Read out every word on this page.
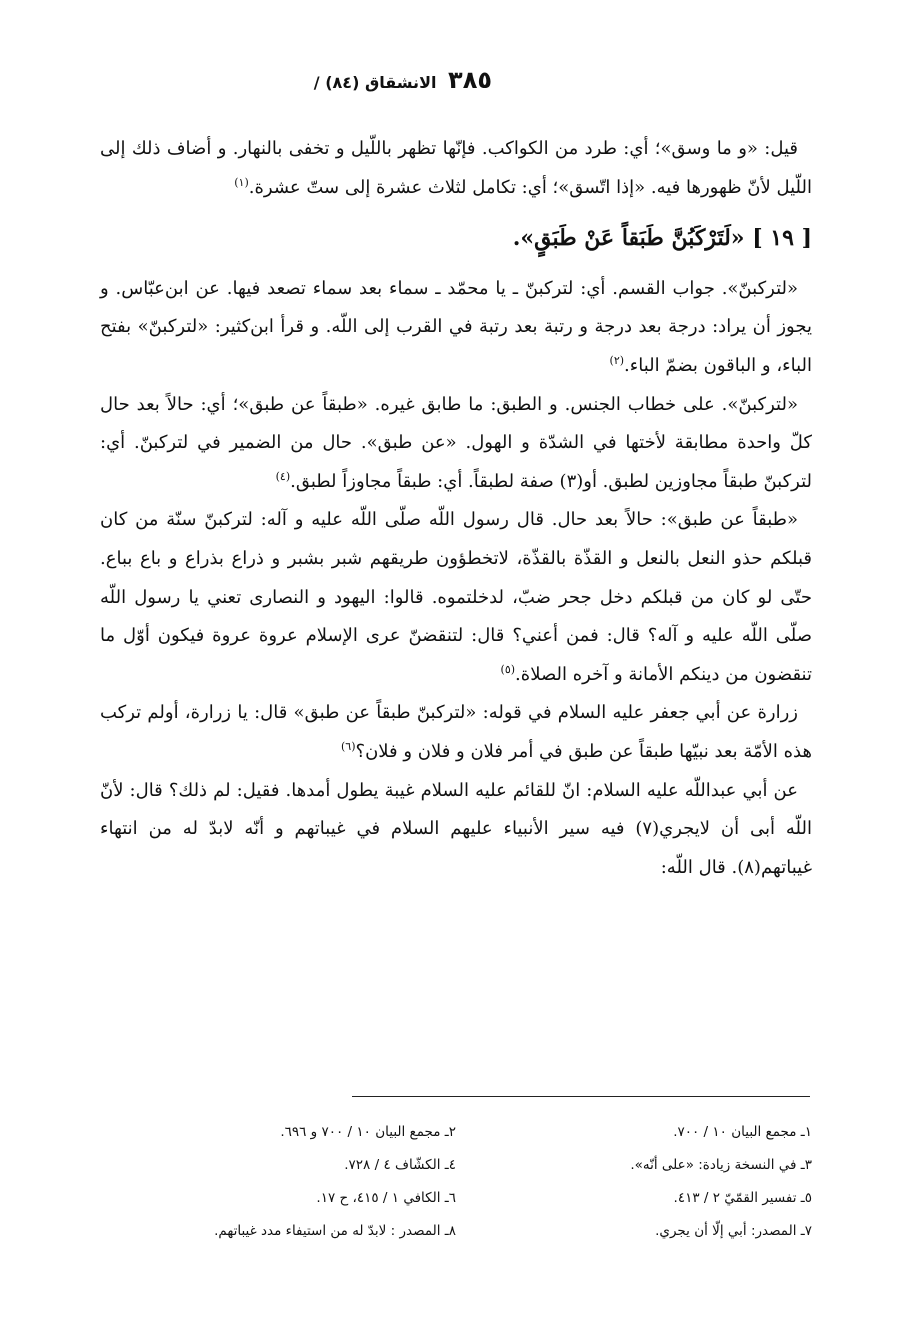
٣٨٥ الانشقاق (٨٤) /

قيل: «و ما وسق»؛ أي: طرد من الكواكب. فإنّها تظهر باللّيل و تخفى بالنهار. و أضاف ذلك إلى اللّيل لأنّ ظهورها فيه. «إذا اتّسق»؛ أي: تكامل لثلاث عشرة إلى ستّ عشرة.$^{(١)}$

[ ١٩ ] «لَتَرْكَبُنَّ طَبَقاً عَنْ طَبَقٍ».

«لتركبنّ». جواب القسم. أي: لتركبنّ ـ يا محمّد ـ سماء بعد سماء تصعد فيها. عن ابن‌عبّاس. و يجوز أن يراد: درجة بعد درجة و رتبة بعد رتبة في القرب إلى اللّه. و قرأ ابن‌كثير: «لتركبنّ» بفتح الباء، و الباقون بضمّ الباء.$^{(٢)}$

«لتركبنّ». على خطاب الجنس. و الطبق: ما طابق غيره. «طبقاً عن طبق»؛ أي: حالاً بعد حال كلّ واحدة مطابقة لأختها في الشدّة و الهول. «عن طبق». حال من الضمير في لتركبنّ. أي: لتركبنّ طبقاً مجاوزين لطبق. أو(٣) صفة لطبقاً. أي: طبقاً مجاوزاً لطبق.$^{(٤)}$

«طبقاً عن طبق»: حالاً بعد حال. قال رسول اللّه صلّى اللّه عليه و آله: لتركبنّ سنّة من كان قبلكم حذو النعل بالنعل و القذّة بالقذّة، لاتخطؤون طريقهم شبر بشبر و ذراع بذراع و باع بباع. حتّى لو كان من قبلكم دخل جحر ضبّ، لدخلتموه. قالوا: اليهود و النصارى تعني يا رسول اللّه صلّى اللّه عليه و آله؟ قال: فمن أعني؟ قال: لتنقضنّ عرى الإسلام عروة عروة فيكون أوّل ما تنقضون من دينكم الأمانة و آخره الصلاة.$^{(٥)}$

زرارة عن أبي جعفر عليه السلام في قوله: «لتركبنّ طبقاً عن طبق» قال: يا زرارة، أولم تركب هذه الأمّة بعد نبيّها طبقاً عن طبق في أمر فلان و فلان و فلان؟$^{(٦)}$

عن أبي عبداللّه عليه السلام: انّ للقائم عليه السلام غيبة يطول أمدها. فقيل: لم ذلك؟ قال: لأنّ اللّه أبى أن لايجري(٧) فيه سير الأنبياء عليهم السلام في غيباتهم و أنّه لابدّ له من انتهاء غيباتهم(٨). قال اللّه:

١ـ مجمع البيان ١٠ / ٧٠٠.
٢ـ مجمع البيان ١٠ / ٧٠٠ و ٦٩٦.
٣ـ في النسخة زيادة: «على أنّه».
٤ـ الكشّاف ٤ / ٧٢٨.
٥ـ تفسير القمّيّ ٢ / ٤١٣.
٦ـ الكافي ١ / ٤١٥، ح ١٧.
٧ـ المصدر: أبي إلّا أن يجري.
٨ـ المصدر : لابدّ له من استيفاء مدد غيباتهم.
